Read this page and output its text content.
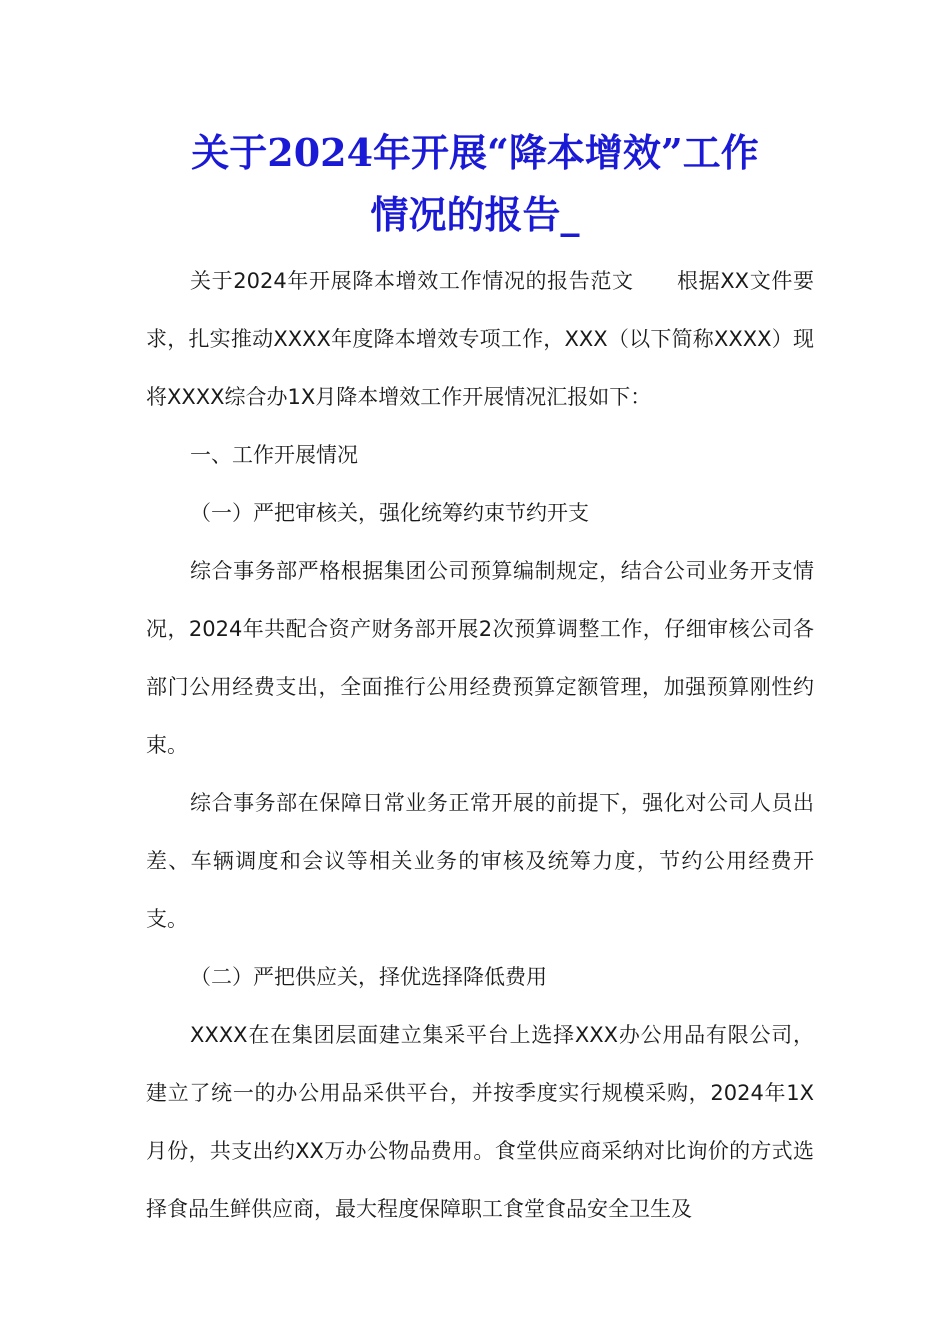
关于2024年开展“降本增效”工作
情况的报告_

关于2024年开展降本增效工作情况的报告范文　　根据XX文件要求，扎实推动XXXX年度降本增效专项工作，XXX（以下简称XXXX）现将XXXX综合办1X月降本增效工作开展情况汇报如下：

一、工作开展情况

（一）严把审核关，强化统筹约束节约开支

综合事务部严格根据集团公司预算编制规定，结合公司业务开支情况，2024年共配合资产财务部开展2次预算调整工作，仔细审核公司各部门公用经费支出，全面推行公用经费预算定额管理，加强预算刚性约束。

综合事务部在保障日常业务正常开展的前提下，强化对公司人员出差、车辆调度和会议等相关业务的审核及统筹力度，节约公用经费开支。

（二）严把供应关，择优选择降低费用

XXXX在在集团层面建立集采平台上选择XXX办公用品有限公司，建立了统一的办公用品采供平台，并按季度实行规模采购，2024年1X月份，共支出约XX万办公物品费用。食堂供应商采纳对比询价的方式选择食品生鲜供应商，最大程度保障职工食堂食品安全卫生及
